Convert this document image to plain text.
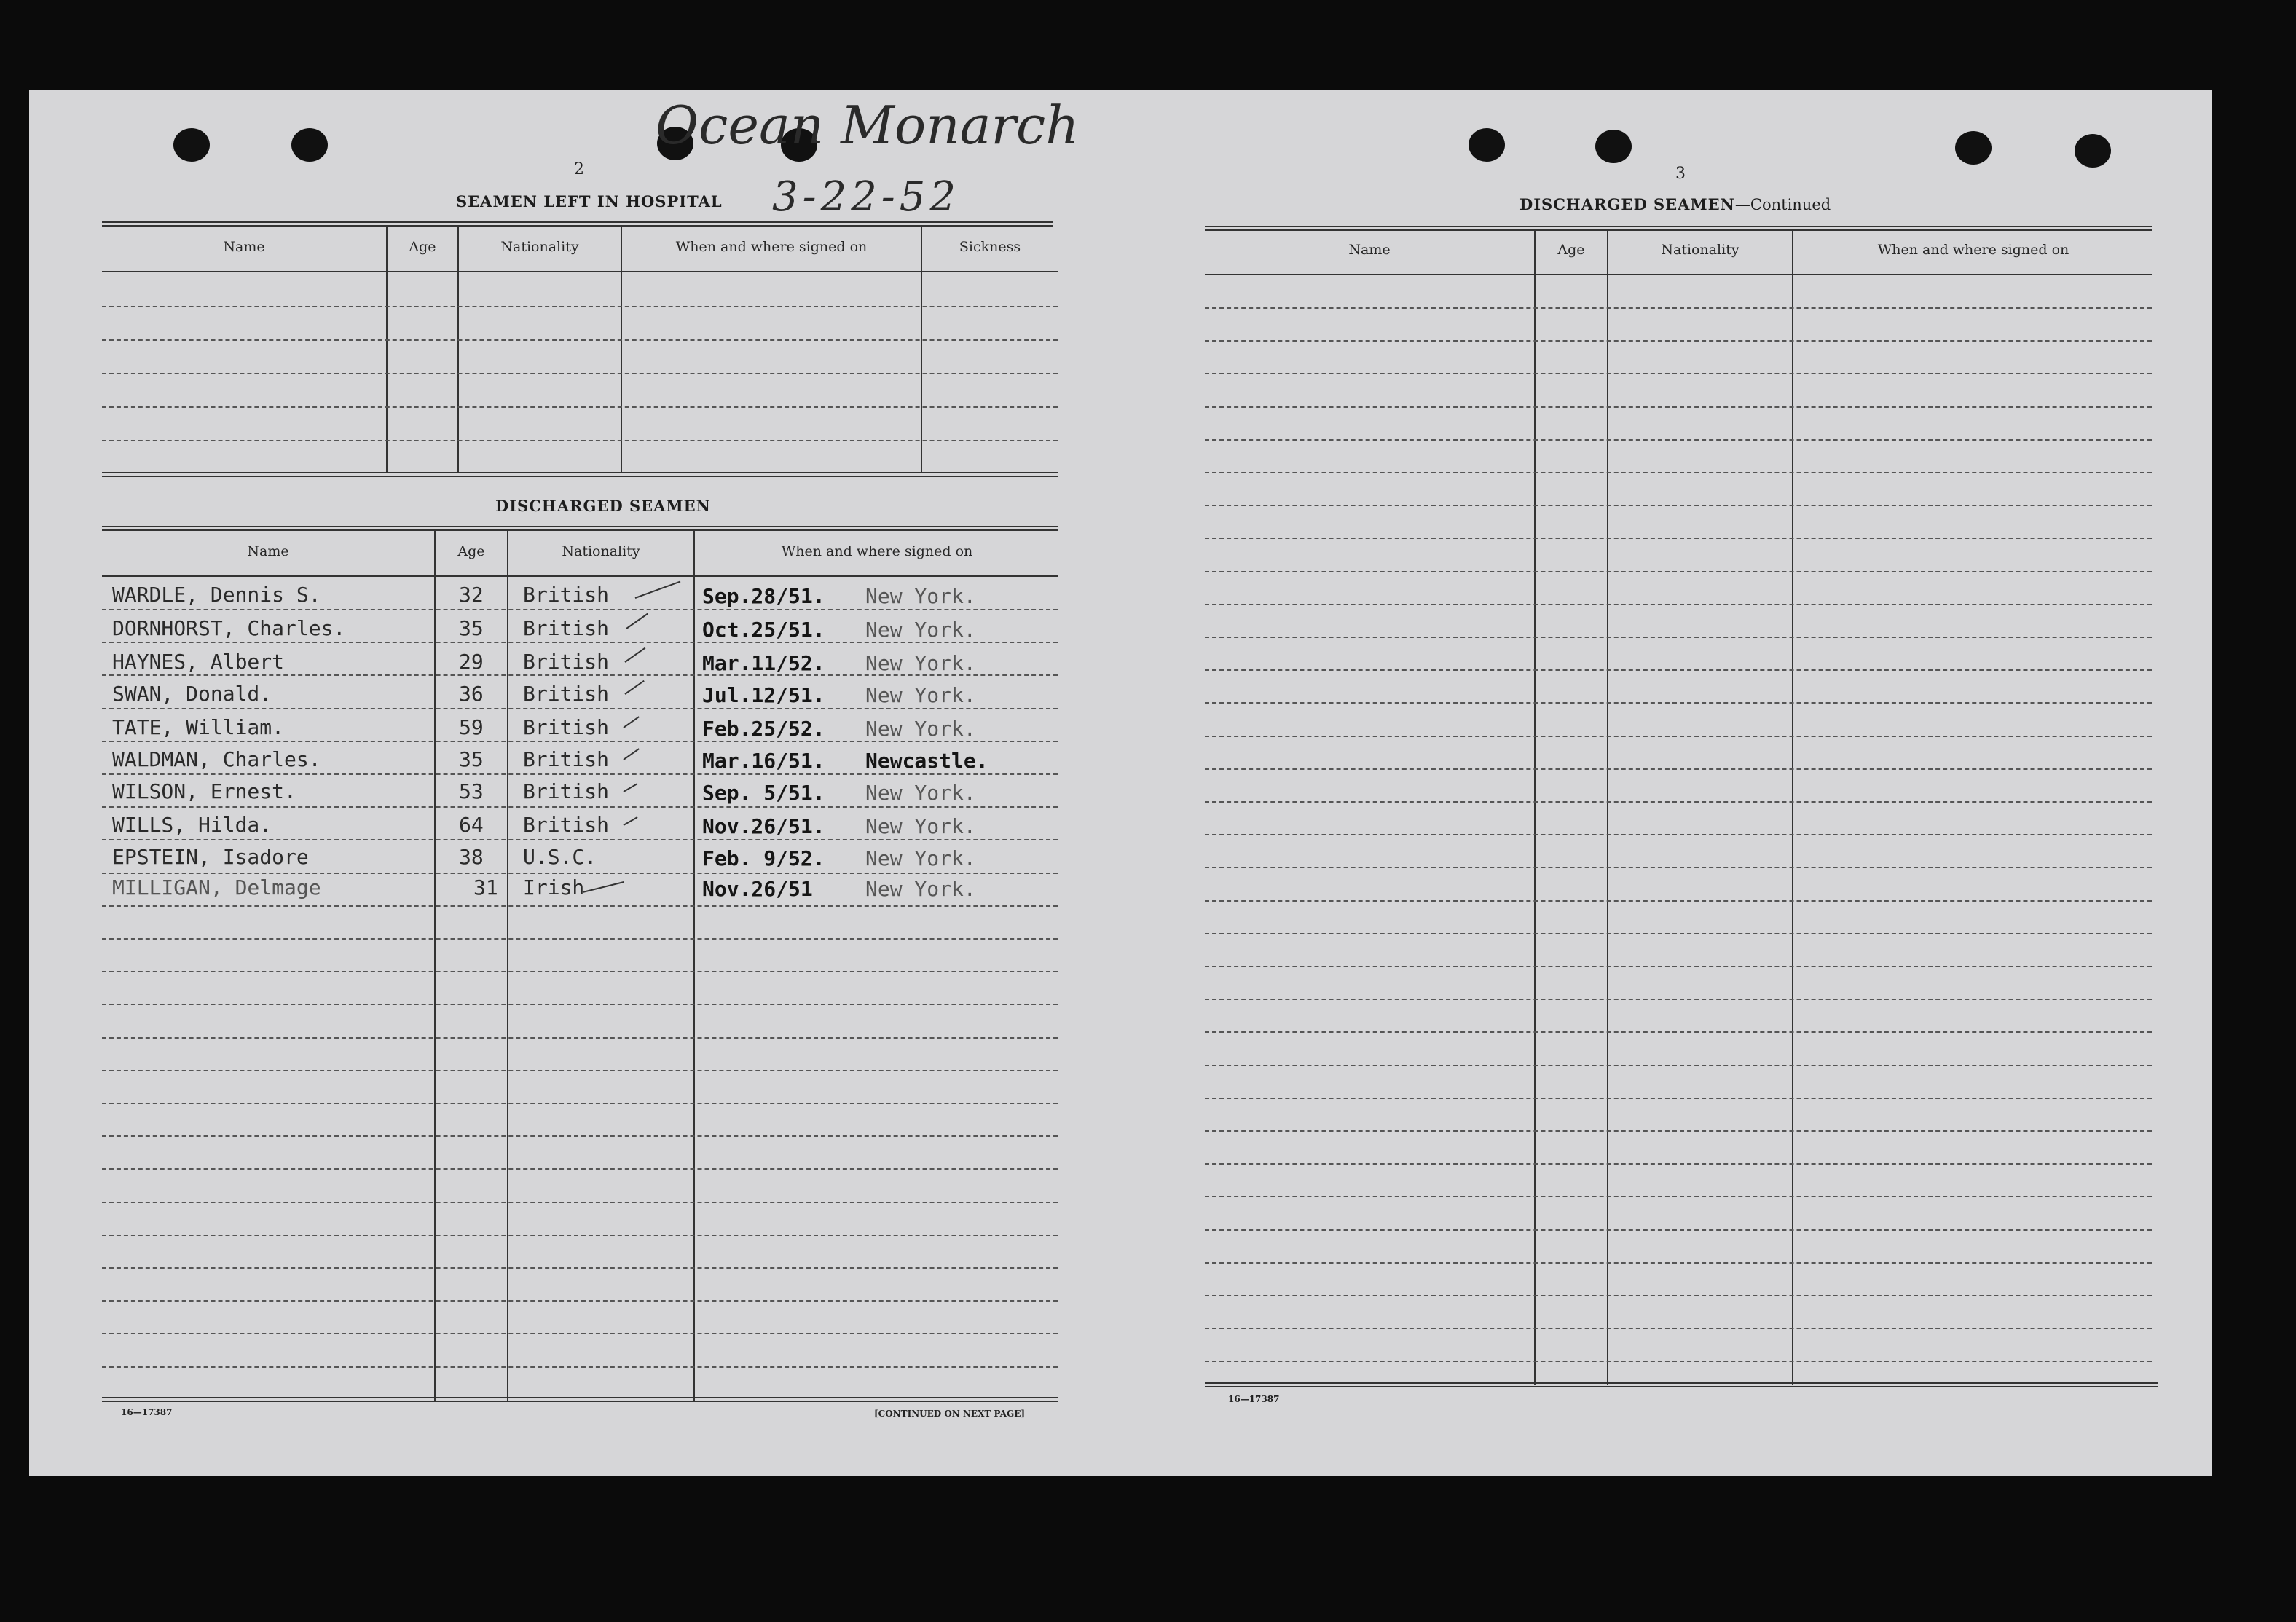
2
Ocean Monarch
3-22-52
SEAMEN LEFT IN HOSPITAL
Name	Age	Nationality	When and where signed on	Sickness
DISCHARGED SEAMEN
Name	Age	Nationality	When and where signed on
WARDLE, Dennis S.	32 British	Sep.28/51. New York.
DORNHORST, Charles.	35 British	Oct.25/51. New York.
HAYNES, Albert	29 British	Mar.11/52. New York.
SWAN, Donald.	36 British	Jul.12/51. New York.
TATE, William.	59 British	Feb.25/52. New York.
WALDMAN, Charles.	35 British	Mar.16/51. Newcastle.
WILSON, Ernest.	53 British	Sep. 5/51. New York.
WILLS, Hilda.	64 British	Nov.26/51. New York.
EPSTEIN, Isadore	38 U.S.C.	Feb. 9/52. New York.
MILLIGAN, Delmage	31 Irish	Nov.26/51	New York.
16—17387	[CONTINUED ON NEXT PAGE]
3
DISCHARGED SEAMEN—Continued
Name	Age	Nationality	When and where signed on
16—17387
